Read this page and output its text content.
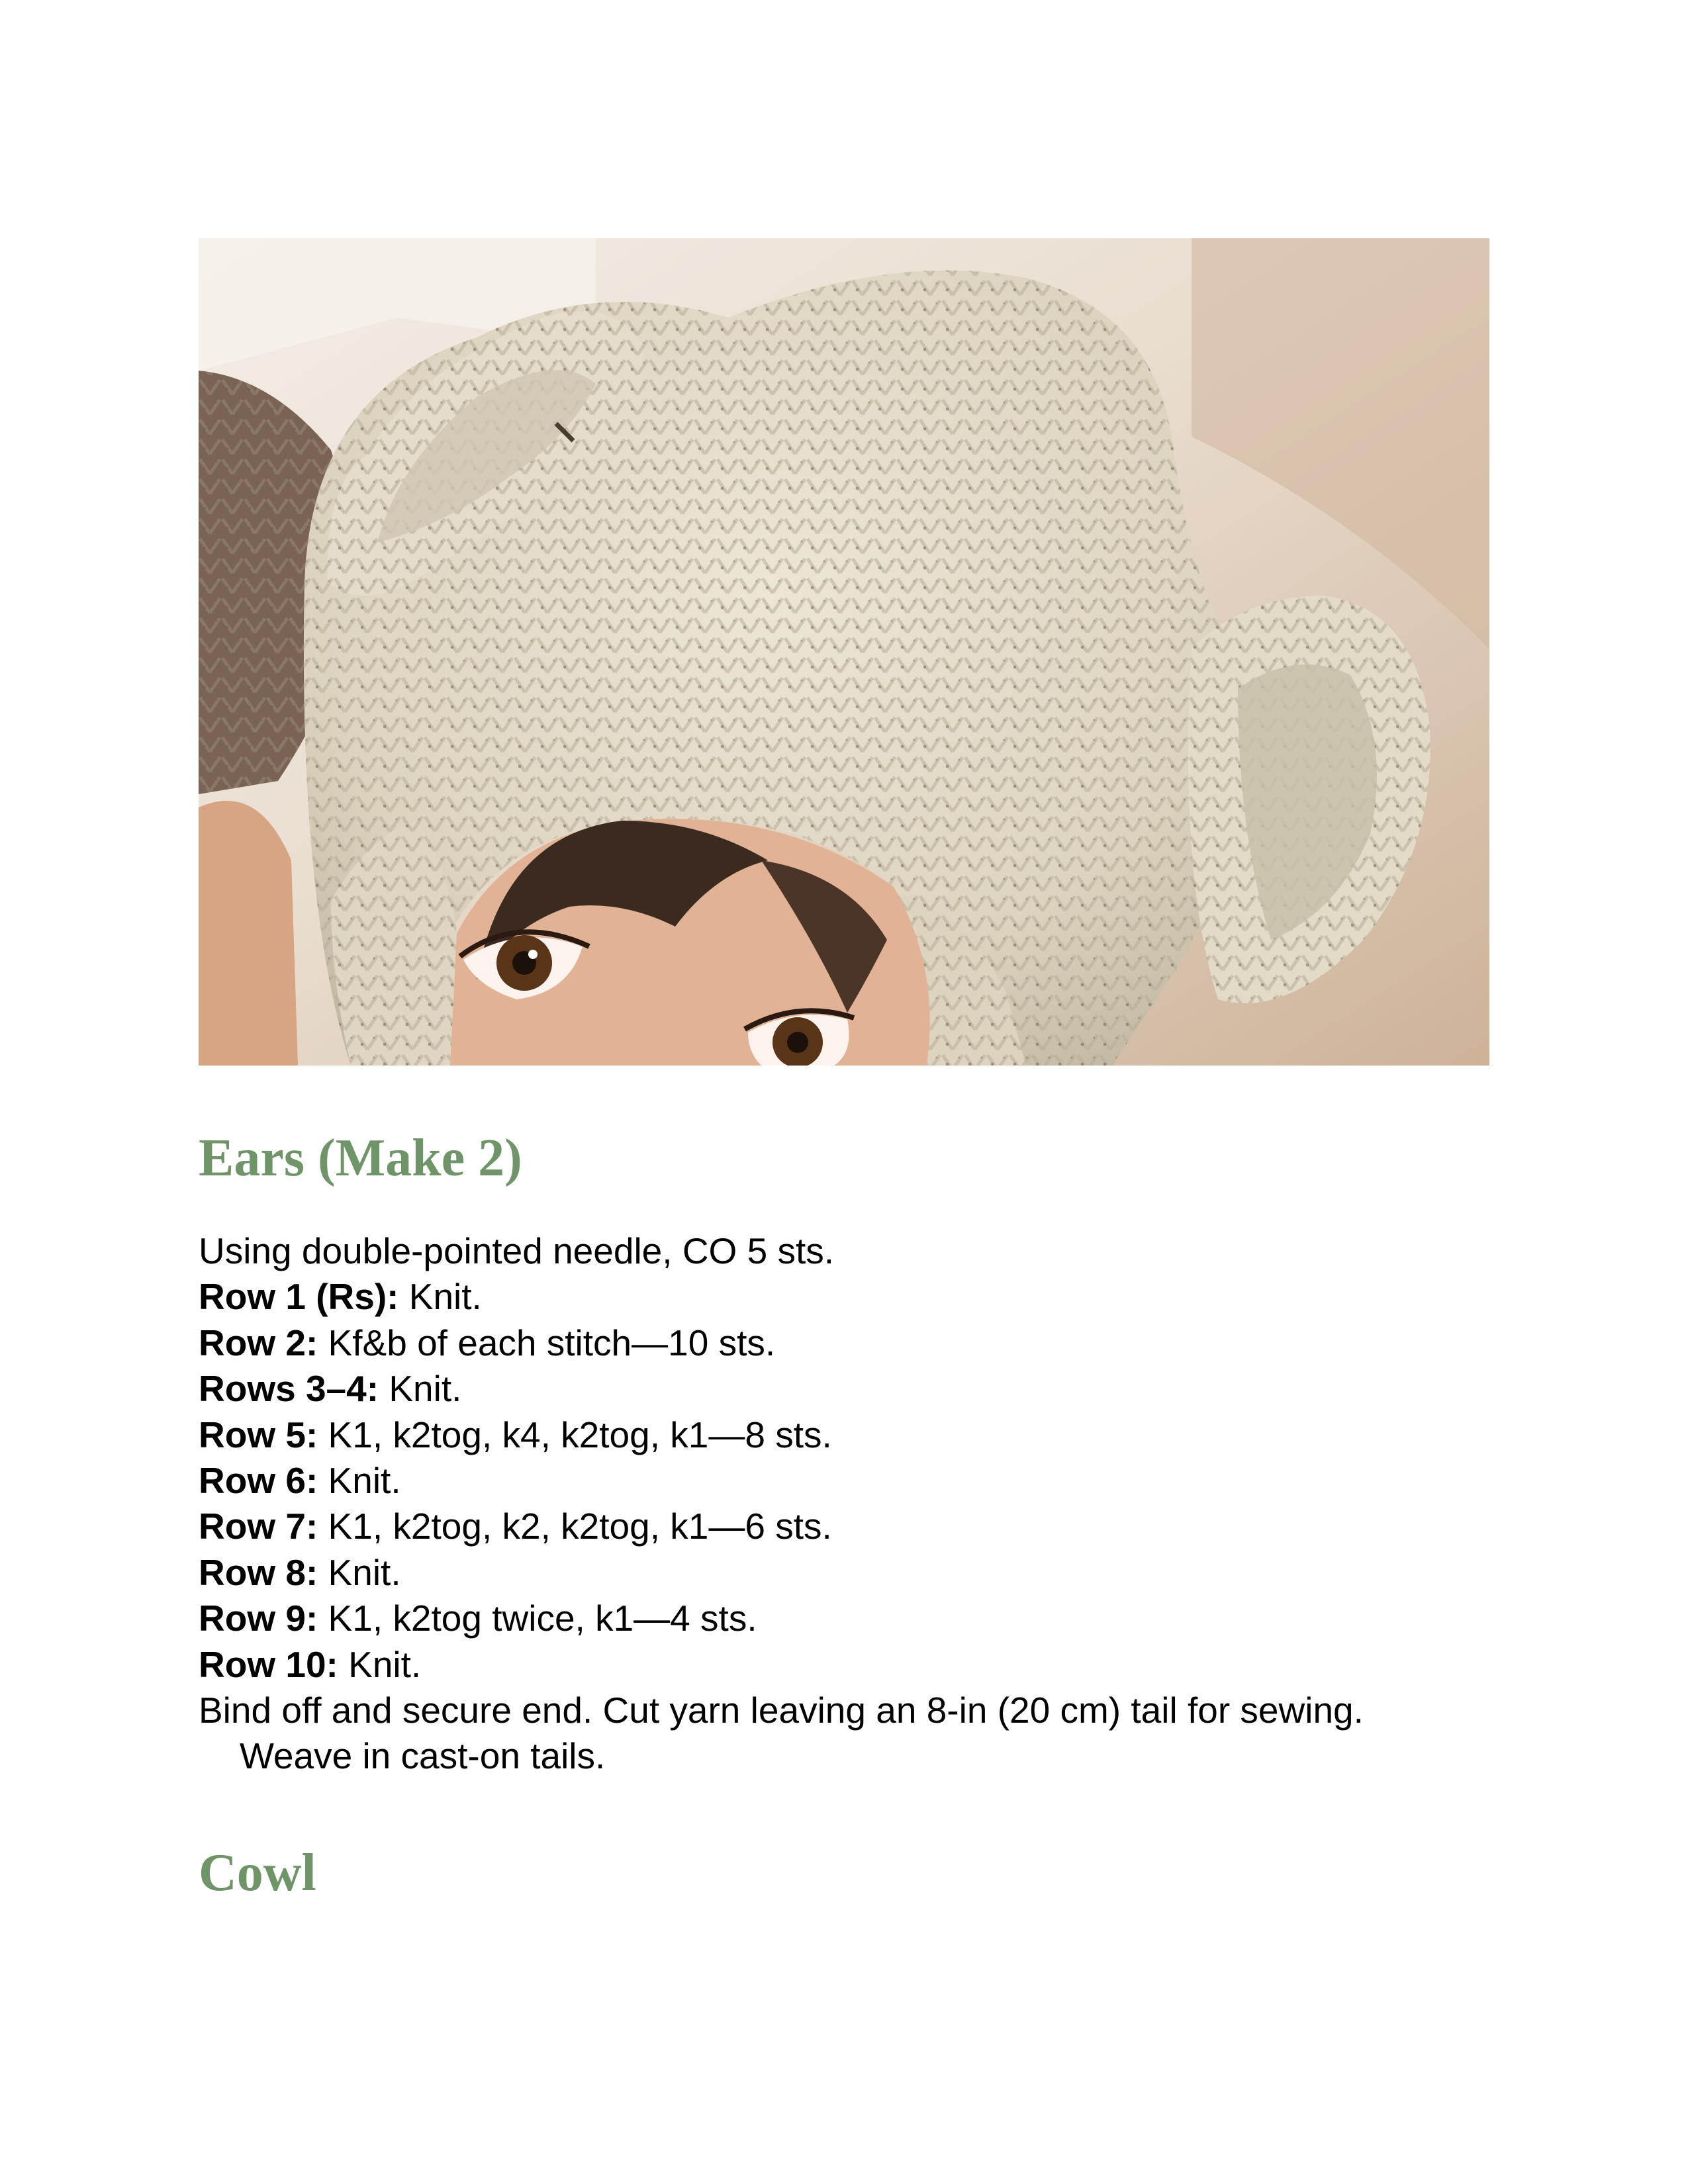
Ears (Make 2)

Using double-pointed needle, CO 5 sts.

Row 1 (Rs): Knit.

Row 2: Kf&b of each stitch—10 sts.

Rows 3–4: Knit.

Row 5: K1, k2tog, k4, k2tog, k1—8 sts.

Row 6: Knit.

Row 7: K1, k2tog, k2, k2tog, k1—6 sts.

Row 8: Knit.

Row 9: K1, k2tog twice, k1—4 sts.

Row 10: Knit.

Bind off and secure end. Cut yarn leaving an 8-in (20 cm) tail for sewing.

Weave in cast-on tails.

Cowl
